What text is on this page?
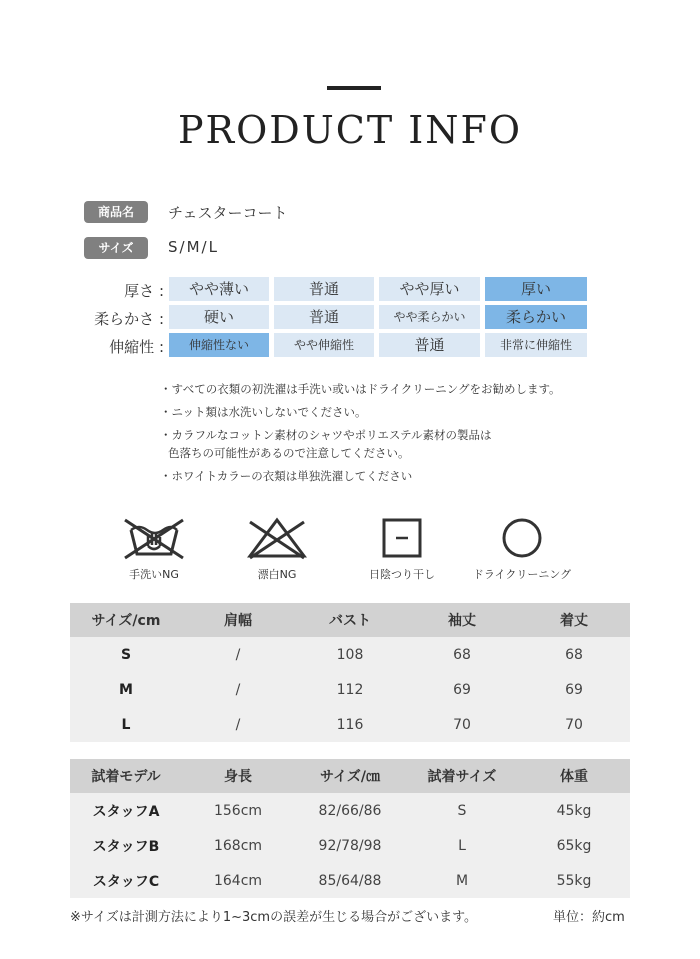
PRODUCT INFO
商品名	チェスターコート
サイズ	S/M/L
厚さ :	やや薄い	普通	やや厚い	厚い
柔らかさ :	硬い	普通	やや柔らかい	柔らかい
伸縮性 :	伸縮性ない	やや伸縮性	普通	非常に伸縮性
・すべての衣類の初洗濯は手洗い或いはドライクリーニングをお勧めします。
・ニット類は水洗いしないでください。
・カラフルなコットン素材のシャツやポリエステル素材の製品は
色落ちの可能性があるので注意してください。
・ホワイトカラーの衣類は単独洗濯してください
手洗いNG	漂白NG	日陰つり干し	ドライクリーニング
サイズ/cm	肩幅	バスト	袖丈	着丈
S	/	108	68	68
M	/	112	69	69
L	/	116	70	70
試着モデル	身長	サイズ/㎝	試着サイズ	体重
スタッフA	156cm	82/66/86	S	45kg
スタッフB	168cm	92/78/98	L	65kg
スタッフC	164cm	85/64/88	M	55kg
※サイズは計測方法により1~3cmの誤差が生じる場合がございます。	単位：約cm
